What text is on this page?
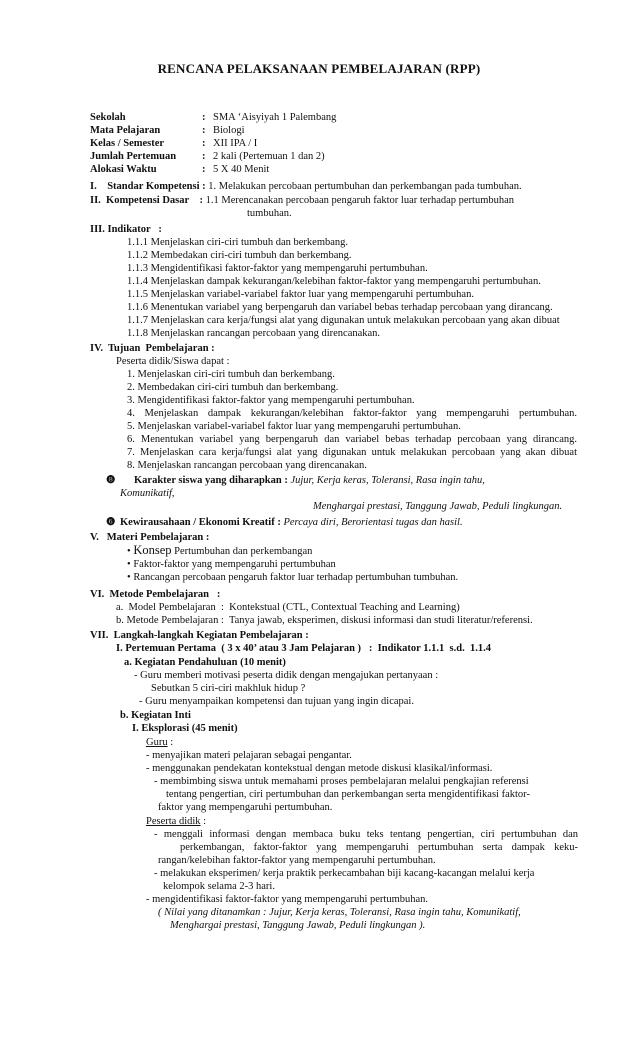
RENCANA PELAKSANAAN PEMBELAJARAN (RPP)
Sekolah	: SMA ‘Aisyiyah 1 Palembang
Mata Pelajaran	: Biologi
Kelas / Semester	: XII IPA / I
Jumlah Pertemuan : 2 kali (Pertemuan 1 dan 2)
Alokasi Waktu	: 5 X 40 Menit
I.    Standar Kompetensi : 1. Melakukan percobaan pertumbuhan dan perkembangan pada tumbuhan.
II.  Kompetensi Dasar    : 1.1 Merencanakan percobaan pengaruh faktor luar terhadap pertumbuhan
tumbuhan.
III. Indikator   :
1.1.1 Menjelaskan ciri-ciri tumbuh dan berkembang.
1.1.2 Membedakan ciri-ciri tumbuh dan berkembang.
1.1.3 Mengidentifikasi faktor-faktor yang mempengaruhi pertumbuhan.
1.1.4 Menjelaskan dampak kekurangan/kelebihan faktor-faktor yang mempengaruhi pertumbuhan.
1.1.5 Menjelaskan variabel-variabel faktor luar yang mempengaruhi pertumbuhan.
1.1.6 Menentukan variabel yang berpengaruh dan variabel bebas terhadap percobaan yang dirancang.
1.1.7 Menjelaskan cara kerja/fungsi alat yang digunakan untuk melakukan percobaan yang akan dibuat
1.1.8 Menjelaskan rancangan percobaan yang direncanakan.
IV.  Tujuan  Pembelajaran :
Peserta didik/Siswa dapat :
1. Menjelaskan ciri-ciri tumbuh dan berkembang.
2. Membedakan ciri-ciri tumbuh dan berkembang.
3. Mengidentifikasi faktor-faktor yang mempengaruhi pertumbuhan.
4. Menjelaskan dampak kekurangan/kelebihan faktor-faktor yang mempengaruhi pertumbuhan.
5. Menjelaskan variabel-variabel faktor luar yang mempengaruhi pertumbuhan.
6. Menentukan variabel yang berpengaruh dan variabel bebas terhadap percobaan yang dirancang.
7. Menjelaskan cara kerja/fungsi alat yang digunakan untuk melakukan percobaan yang akan dibuat
8. Menjelaskan rancangan percobaan yang direncanakan.
❽ Karakter siswa yang diharapkan : Jujur, Kerja keras, Toleransi, Rasa ingin tahu,
Komunikatif,
Menghargai prestasi, Tanggung Jawab, Peduli lingkungan.
❻ Kewirausahaan / Ekonomi Kreatif : Percaya diri, Berorientasi tugas dan hasil.
V.   Materi Pembelajaran :
• Konsep Pertumbuhan dan perkembangan
• Faktor-faktor yang mempengaruhi pertumbuhan
• Rancangan percobaan pengaruh faktor luar terhadap pertumbuhan tumbuhan.
VI.  Metode Pembelajaran   :
a.  Model Pembelajaran  :  Kontekstual (CTL, Contextual Teaching and Learning)
b. Metode Pembelajaran :  Tanya jawab, eksperimen, diskusi informasi dan studi literatur/referensi.
VII.  Langkah-langkah Kegiatan Pembelajaran :
I. Pertemuan Pertama  ( 3 x 40’ atau 3 Jam Pelajaran )   :  Indikator 1.1.1  s.d.  1.1.4
a. Kegiatan Pendahuluan (10 menit)
- Guru memberi motivasi peserta didik dengan mengajukan pertanyaan :
Sebutkan 5 ciri-ciri makhluk hidup ?
- Guru menyampaikan kompetensi dan tujuan yang ingin dicapai.
b. Kegiatan Inti
I. Eksplorasi (45 menit)
Guru :
- menyajikan materi pelajaran sebagai pengantar.
- menggunakan pendekatan kontekstual dengan metode diskusi klasikal/informasi.
- membimbing siswa untuk memahami proses pembelajaran melalui pengkajian referensi
tentang pengertian, ciri pertumbuhan dan perkembangan serta mengidentifikasi faktor-
faktor yang mempengaruhi pertumbuhan.
Peserta didik :
- menggali informasi dengan membaca buku teks tentang pengertian, ciri pertumbuhan dan
perkembangan, faktor-faktor yang mempengaruhi pertumbuhan serta dampak keku-
rangan/kelebihan faktor-faktor yang mempengaruhi pertumbuhan.
- melakukan eksperimen/ kerja praktik perkecambahan biji kacang-kacangan melalui kerja
kelompok selama 2-3 hari.
- mengidentifikasi faktor-faktor yang mempengaruhi pertumbuhan.
( Nilai yang ditanamkan : Jujur, Kerja keras, Toleransi, Rasa ingin tahu, Komunikatif,
Menghargai prestasi, Tanggung Jawab, Peduli lingkungan ).
